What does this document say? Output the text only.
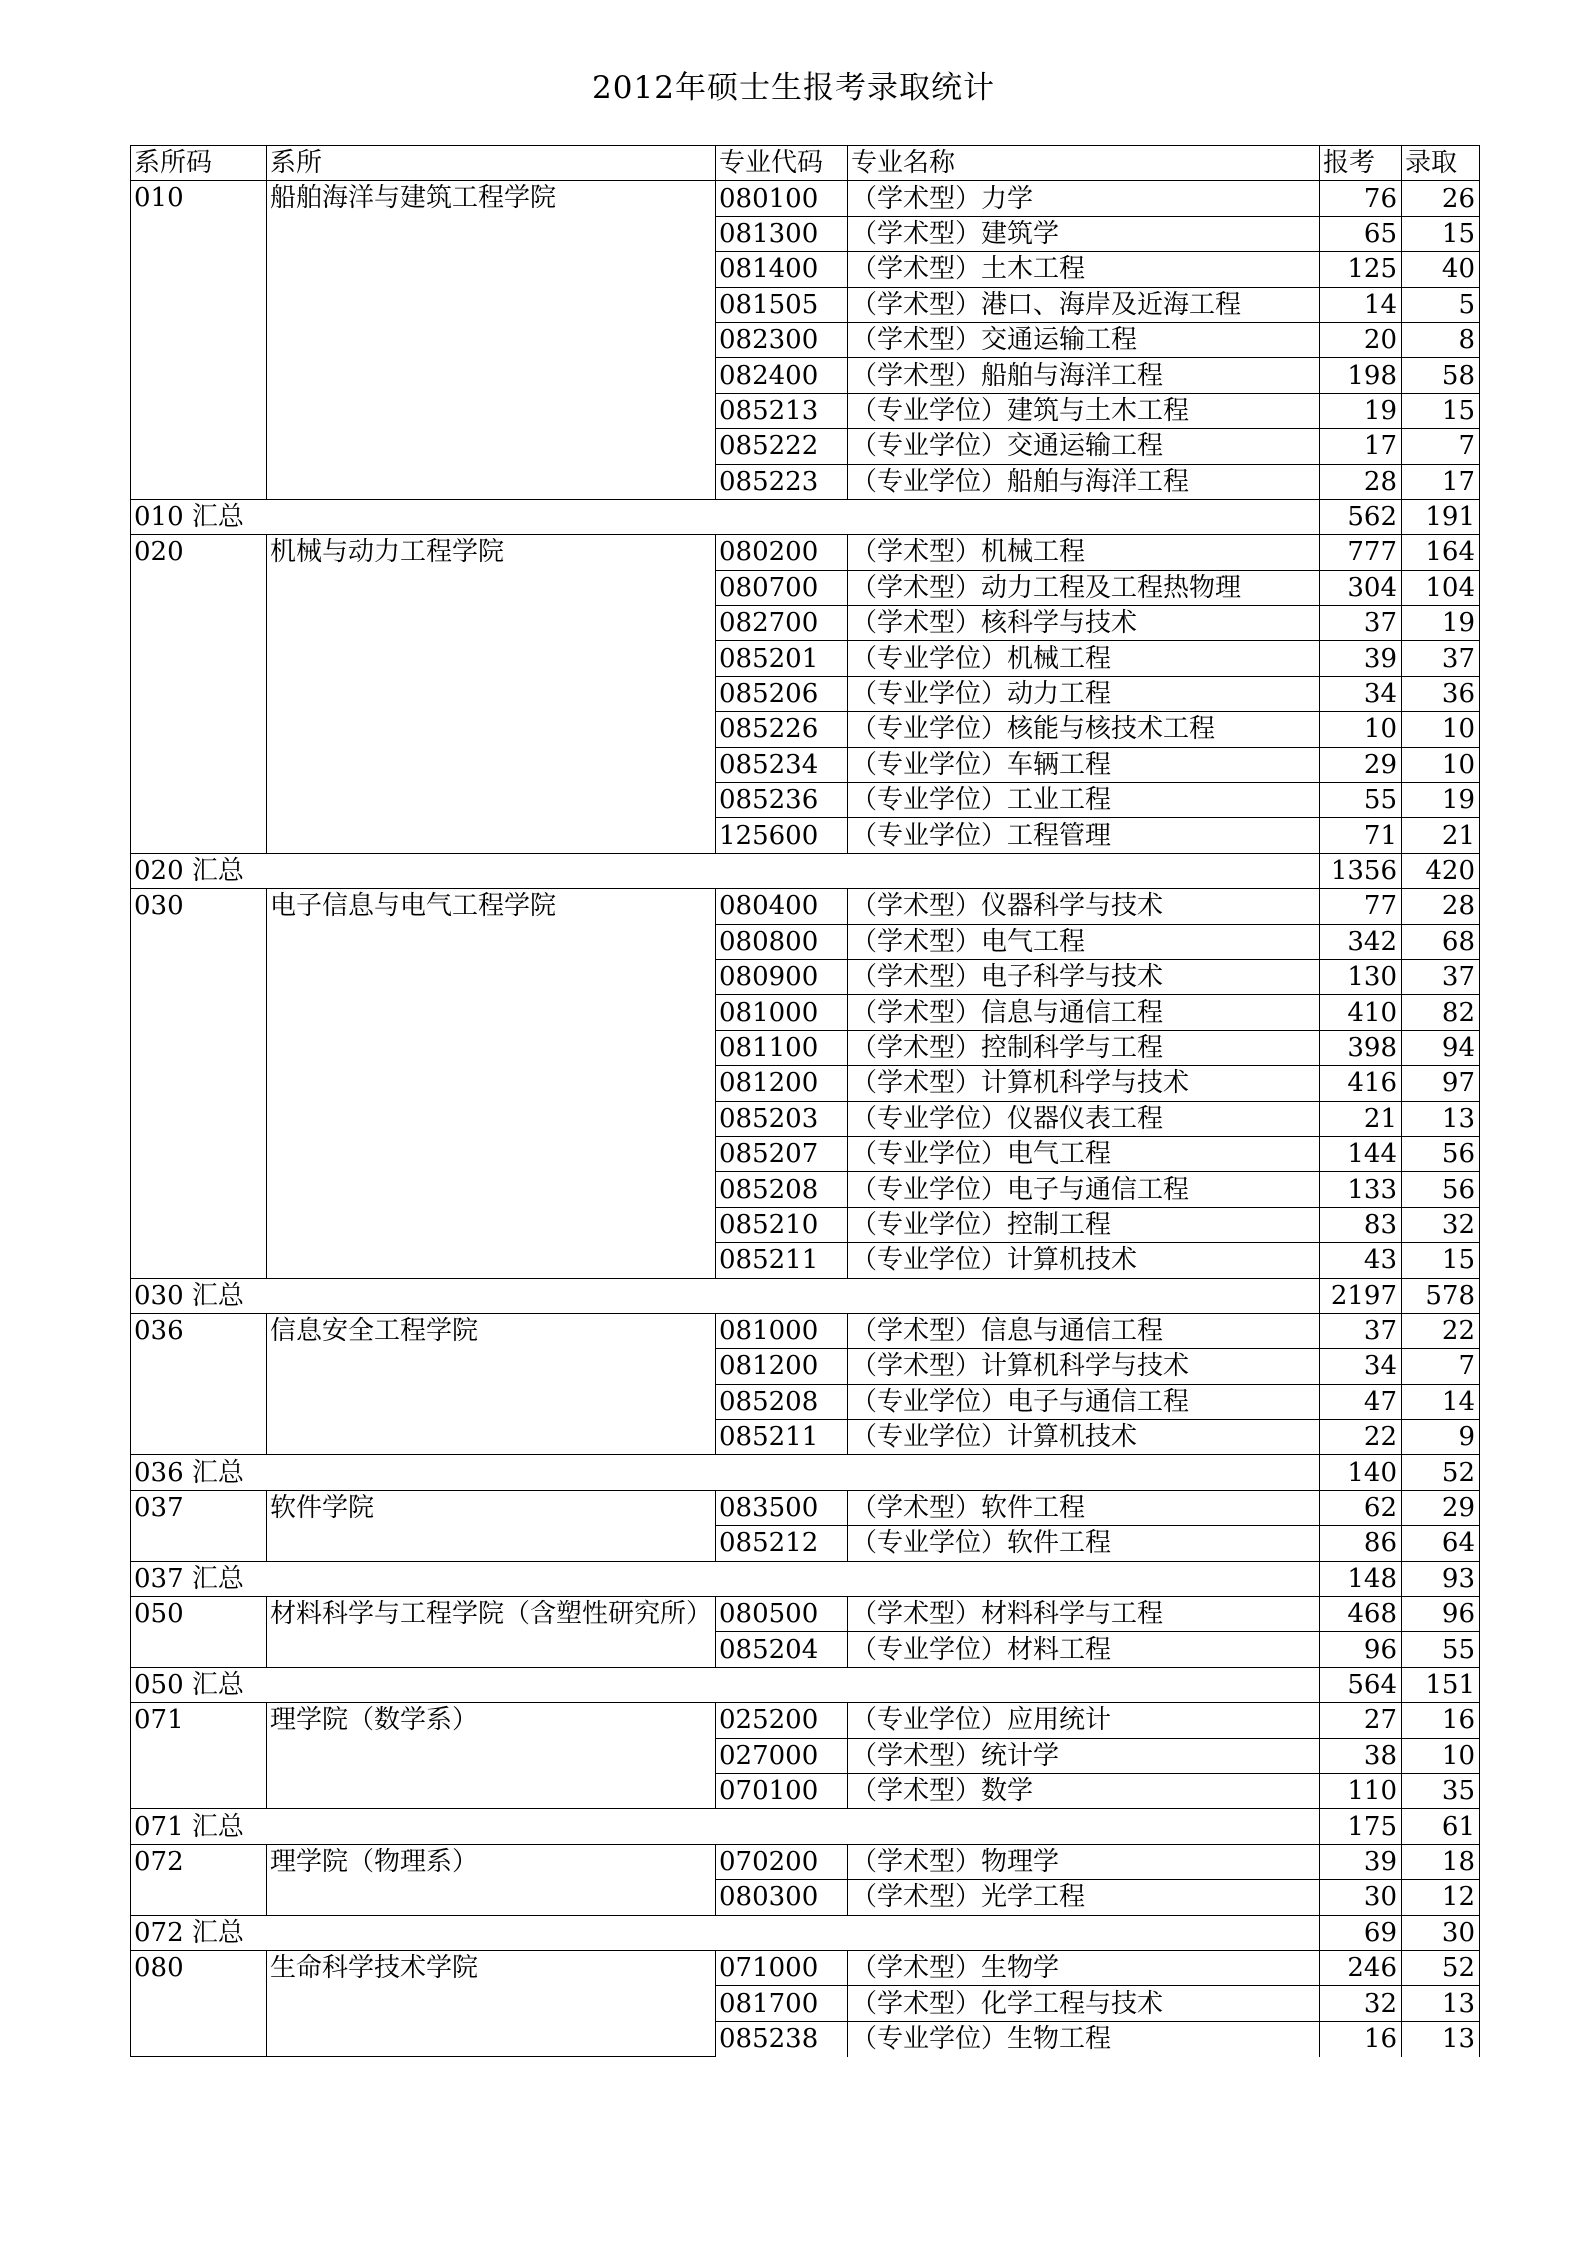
2012年硕士生报考录取统计
系所码	系所	专业代码	专业名称	报考	录取
010	船舶海洋与建筑工程学院	080100	（学术型）力学	76	26
		081300	（学术型）建筑学	65	15
		081400	（学术型）土木工程	125	40
		081505	（学术型）港口、海岸及近海工程	14	5
		082300	（学术型）交通运输工程	20	8
		082400	（学术型）船舶与海洋工程	198	58
		085213	（专业学位）建筑与土木工程	19	15
		085222	（专业学位）交通运输工程	17	7
		085223	（专业学位）船舶与海洋工程	28	17
010 汇总				562	191
020	机械与动力工程学院	080200	（学术型）机械工程	777	164
		080700	（学术型）动力工程及工程热物理	304	104
		082700	（学术型）核科学与技术	37	19
		085201	（专业学位）机械工程	39	37
		085206	（专业学位）动力工程	34	36
		085226	（专业学位）核能与核技术工程	10	10
		085234	（专业学位）车辆工程	29	10
		085236	（专业学位）工业工程	55	19
		125600	（专业学位）工程管理	71	21
020 汇总				1356	420
030	电子信息与电气工程学院	080400	（学术型）仪器科学与技术	77	28
		080800	（学术型）电气工程	342	68
		080900	（学术型）电子科学与技术	130	37
		081000	（学术型）信息与通信工程	410	82
		081100	（学术型）控制科学与工程	398	94
		081200	（学术型）计算机科学与技术	416	97
		085203	（专业学位）仪器仪表工程	21	13
		085207	（专业学位）电气工程	144	56
		085208	（专业学位）电子与通信工程	133	56
		085210	（专业学位）控制工程	83	32
		085211	（专业学位）计算机技术	43	15
030 汇总				2197	578
036	信息安全工程学院	081000	（学术型）信息与通信工程	37	22
		081200	（学术型）计算机科学与技术	34	7
		085208	（专业学位）电子与通信工程	47	14
		085211	（专业学位）计算机技术	22	9
036 汇总				140	52
037	软件学院	083500	（学术型）软件工程	62	29
		085212	（专业学位）软件工程	86	64
037 汇总				148	93
050	材料科学与工程学院（含塑性研究所）	080500	（学术型）材料科学与工程	468	96
		085204	（专业学位）材料工程	96	55
050 汇总				564	151
071	理学院（数学系）	025200	（专业学位）应用统计	27	16
		027000	（学术型）统计学	38	10
		070100	（学术型）数学	110	35
071 汇总				175	61
072	理学院（物理系）	070200	（学术型）物理学	39	18
		080300	（学术型）光学工程	30	12
072 汇总				69	30
080	生命科学技术学院	071000	（学术型）生物学	246	52
		081700	（学术型）化学工程与技术	32	13
		085238	（专业学位）生物工程	16	13
